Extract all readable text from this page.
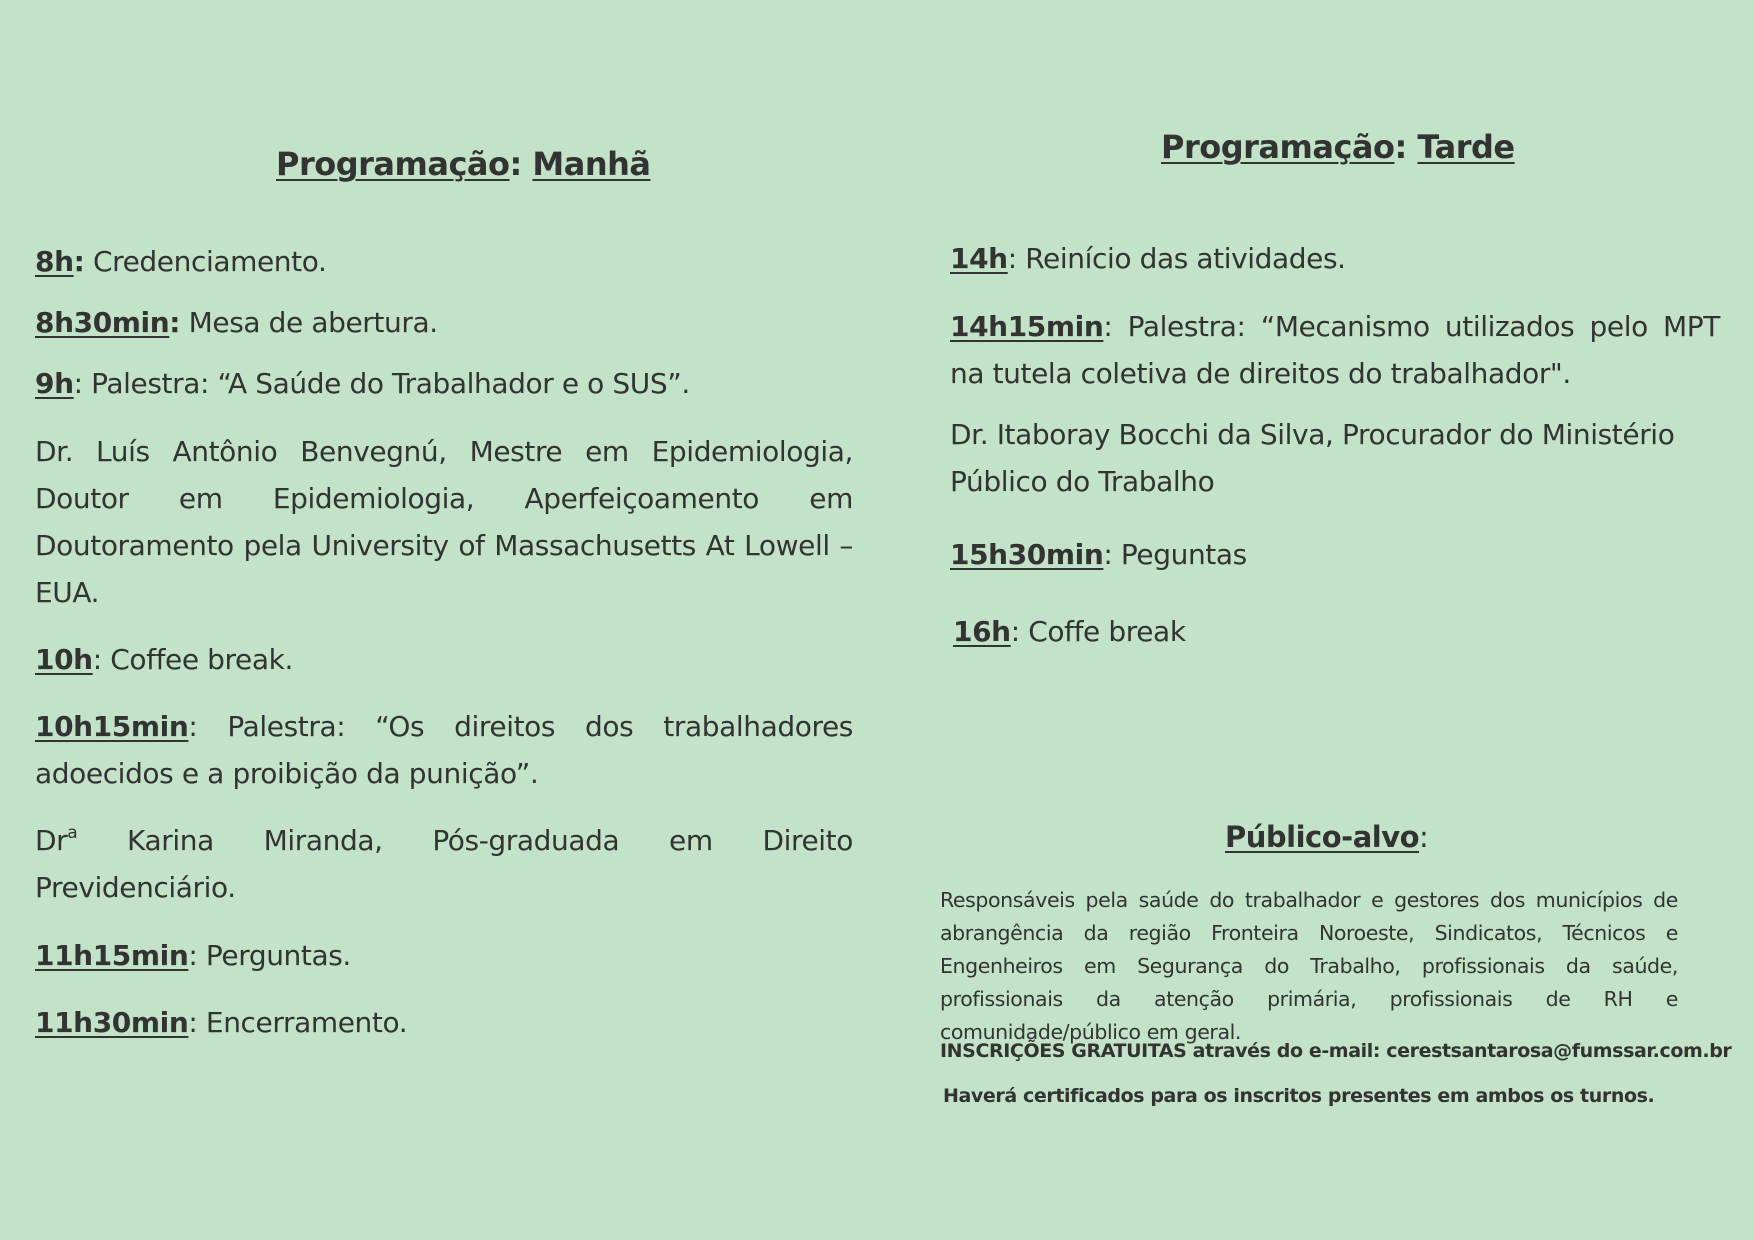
Programação: Manhã
8h: Credenciamento.
8h30min: Mesa de abertura.
9h: Palestra: “A Saúde do Trabalhador e o SUS”.
Dr. Luís Antônio Benvegnú, Mestre em Epidemiologia, Doutor em Epidemiologia, Aperfeiçoamento em Doutoramento pela University of Massachusetts At Lowell – EUA.
10h: Coffee break.
10h15min: Palestra: “Os direitos dos trabalhadores adoecidos e a proibição da punição”.
Dr$^a$ Karina Miranda, Pós-graduada em Direito Previdenciário.
11h15min: Perguntas.
11h30min: Encerramento.
Programação: Tarde
14h: Reinício das atividades.
14h15min: Palestra: “Mecanismo utilizados pelo MPT na tutela coletiva de direitos do trabalhador".
Dr. Itaboray Bocchi da Silva, Procurador do Ministério Público do Trabalho
15h30min: Peguntas
16h: Coffe break
Público-alvo:
Responsáveis pela saúde do trabalhador e gestores dos municípios de abrangência da região Fronteira Noroeste, Sindicatos, Técnicos e Engenheiros em Segurança do Trabalho, profissionais da saúde, profissionais da atenção primária, profissionais de RH e comunidade/público em geral.
INSCRIÇÕES GRATUITAS através do e-mail: cerestsantarosa@fumssar.com.br
Haverá certificados para os inscritos presentes em ambos os turnos.
